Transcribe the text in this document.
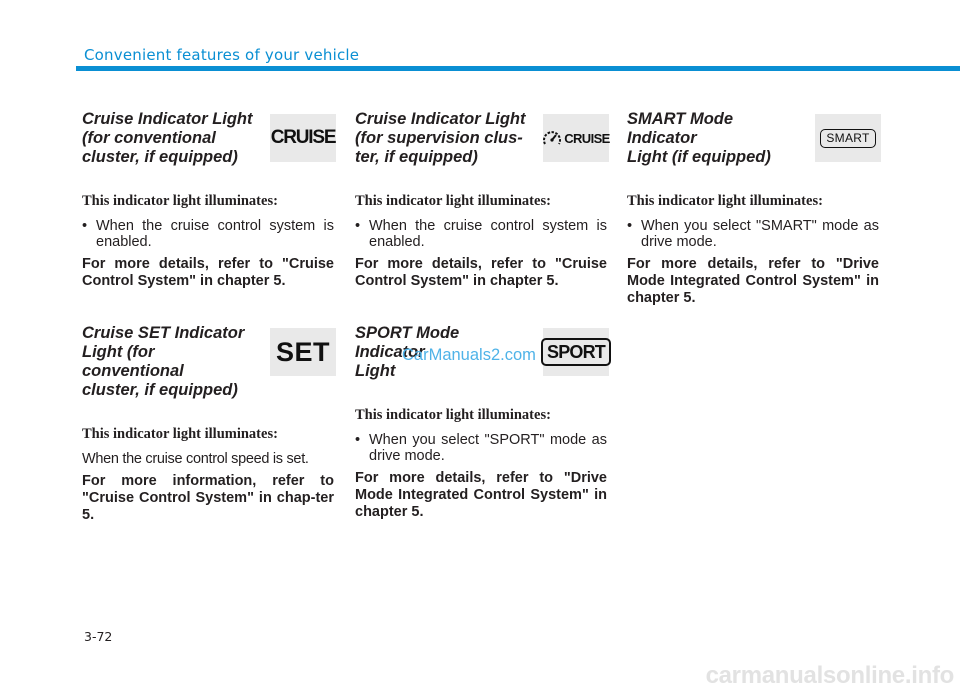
Convenient features of your vehicle
Cruise Indicator Light
(for conventional
cluster, if equipped)
CRUISE

This indicator light illuminates:

• When the cruise control system is enabled.

For more details, refer to "Cruise Control System" in chapter 5.

Cruise SET Indicator
Light (for conventional
cluster, if equipped)
SET

This indicator light illuminates:

When the cruise control speed is set.

For more information, refer to "Cruise Control System" in chap-ter 5.

Cruise Indicator Light
(for supervision clus-
ter, if equipped)
CRUISE

This indicator light illuminates:

• When the cruise control system is enabled.

For more details, refer to "Cruise Control System" in chapter 5.

SPORT Mode Indicator
Light
SPORT

This indicator light illuminates:

• When you select "SPORT" mode as drive mode.

For more details, refer to "Drive Mode Integrated Control System" in chapter 5.

SMART Mode Indicator
Light (if equipped)
SMART

This indicator light illuminates:

• When you select "SMART" mode as drive mode.

For more details, refer to "Drive Mode Integrated Control System" in chapter 5.

CarManuals2.com
3-72
carmanualsonline.info
